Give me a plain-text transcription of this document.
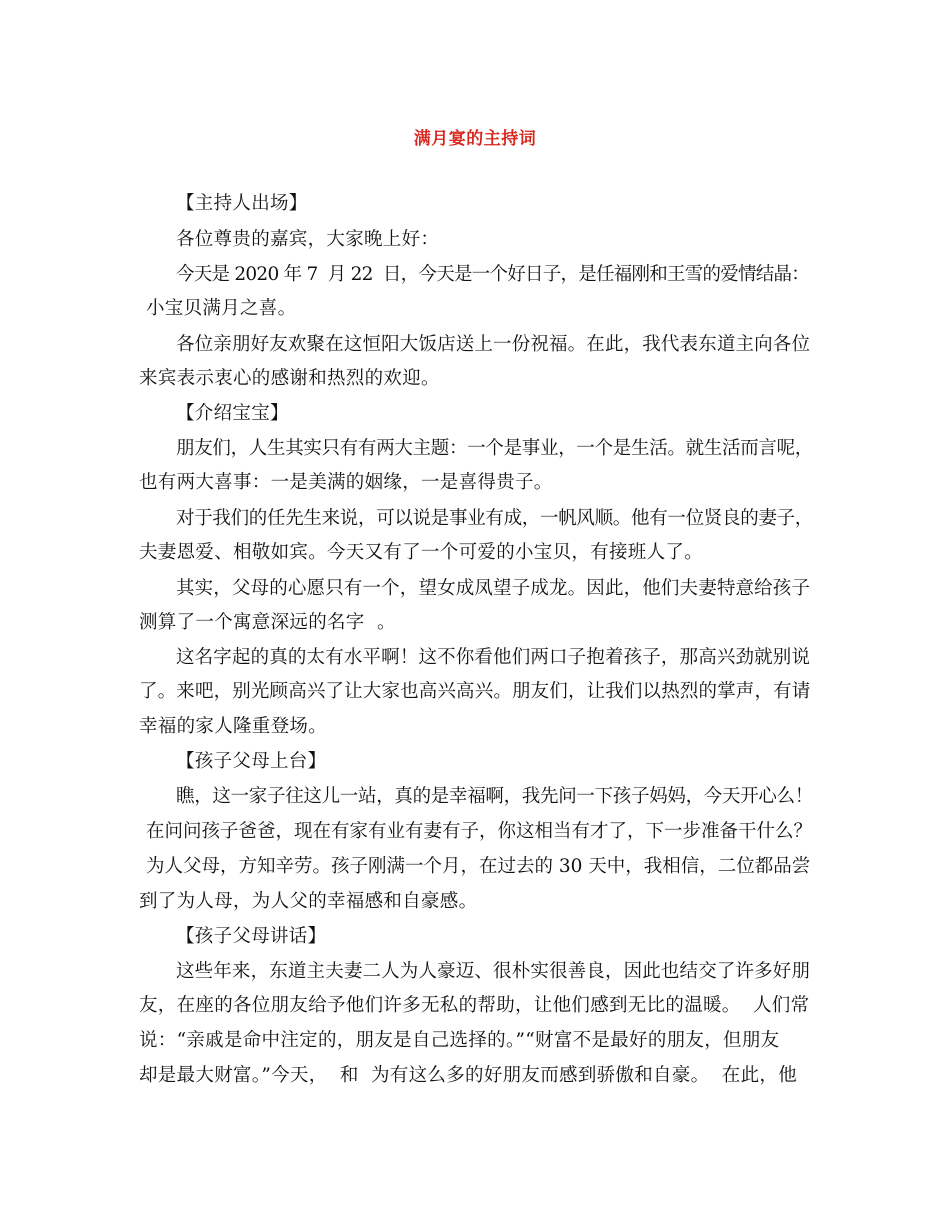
满月宴的主持词
【主持人出场】
各位尊贵的嘉宾，大家晚上好：
今天是 2020 年 7  月 22  日，今天是一个好日子，是任福刚和王雪的爱情结晶：
小宝贝满月之喜。
各位亲朋好友欢聚在这恒阳大饭店送上一份祝福。在此，我代表东道主向各位
来宾表示衷心的感谢和热烈的欢迎。
【介绍宝宝】
朋友们，人生其实只有有两大主题：一个是事业，一个是生活。就生活而言呢，
也有两大喜事：一是美满的姻缘，一是喜得贵子。
对于我们的任先生来说，可以说是事业有成，一帆风顺。他有一位贤良的妻子，
夫妻恩爱、相敬如宾。今天又有了一个可爱的小宝贝，有接班人了。
其实，父母的心愿只有一个，望女成凤望子成龙。因此，他们夫妻特意给孩子
测算了一个寓意深远的名字  。
这名字起的真的太有水平啊！这不你看他们两口子抱着孩子，那高兴劲就别说
了。来吧，别光顾高兴了让大家也高兴高兴。朋友们，让我们以热烈的掌声，有请
幸福的家人隆重登场。
【孩子父母上台】
瞧，这一家子往这儿一站，真的是幸福啊，我先问一下孩子妈妈，今天开心么！
在问问孩子爸爸，现在有家有业有妻有子，你这相当有才了，下一步准备干什么？
为人父母，方知辛劳。孩子刚满一个月，在过去的 30 天中，我相信，二位都品尝
到了为人母，为人父的幸福感和自豪感。
【孩子父母讲话】
这些年来，东道主夫妻二人为人豪迈、很朴实很善良，因此也结交了许多好朋
友，在座的各位朋友给予他们许多无私的帮助，让他们感到无比的温暖。  人们常
说：“亲戚是命中注定的，朋友是自己选择的。”“财富不是最好的朋友，但朋友
却是最大财富。”今天，  和  为有这么多的好朋友而感到骄傲和自豪。  在此，他
